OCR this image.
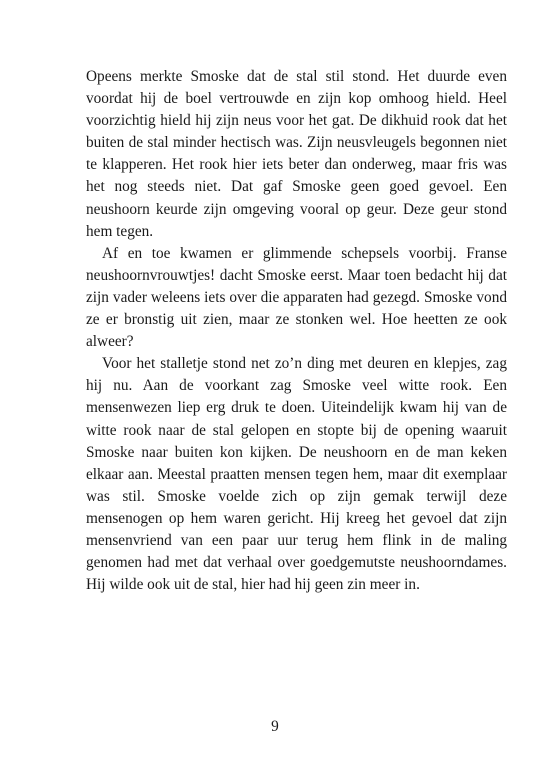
Opeens merkte Smoske dat de stal stil stond. Het duurde even voordat hij de boel vertrouwde en zijn kop omhoog hield. Heel voorzichtig hield hij zijn neus voor het gat. De dikhuid rook dat het buiten de stal minder hectisch was. Zijn neusvleugels begonnen niet te klapperen. Het rook hier iets beter dan onderweg, maar fris was het nog steeds niet. Dat gaf Smoske geen goed gevoel. Een neushoorn keurde zijn omgeving vooral op geur. Deze geur stond hem tegen.

Af en toe kwamen er glimmende schepsels voorbij. Franse neushoornvrouwtjes! dacht Smoske eerst. Maar toen bedacht hij dat zijn vader weleens iets over die apparaten had gezegd. Smoske vond ze er bronstig uit zien, maar ze stonken wel. Hoe heetten ze ook alweer?

Voor het stalletje stond net zo’n ding met deuren en klepjes, zag hij nu. Aan de voorkant zag Smoske veel witte rook. Een mensenwezen liep erg druk te doen. Uiteindelijk kwam hij van de witte rook naar de stal gelopen en stopte bij de opening waaruit Smoske naar buiten kon kijken. De neushoorn en de man keken elkaar aan. Meestal praatten mensen tegen hem, maar dit exemplaar was stil. Smoske voelde zich op zijn gemak terwijl deze mensenogen op hem waren gericht. Hij kreeg het gevoel dat zijn mensenvriend van een paar uur terug hem flink in de maling genomen had met dat verhaal over goedgemutste neushoorndames. Hij wilde ook uit de stal, hier had hij geen zin meer in.

9
